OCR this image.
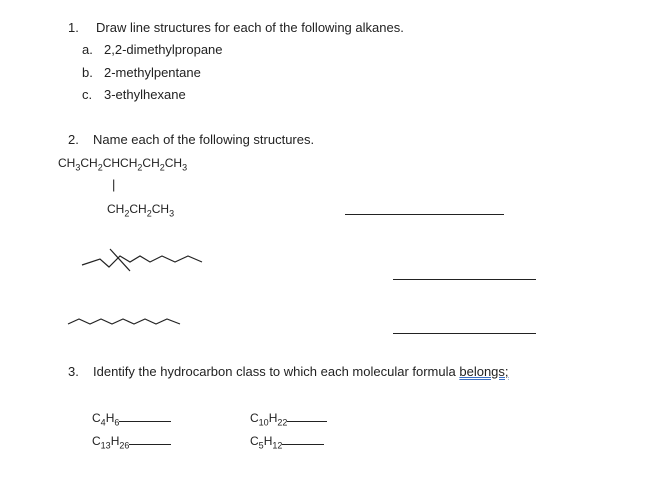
1. Draw line structures for each of the following alkanes.
a. 2,2-dimethylpropane
b. 2-methylpentane
c. 3-ethylhexane
2. Name each of the following structures.
$CH_3CH_2CHCH_2CH_2CH_3$
|
$CH_2CH_2CH_3$
3. Identify the hydrocarbon class to which each molecular formula belongs;
$C_4H_6$	$C_{10}H_{22}$
$C_{13}H_{26}$	$C_5H_{12}$
